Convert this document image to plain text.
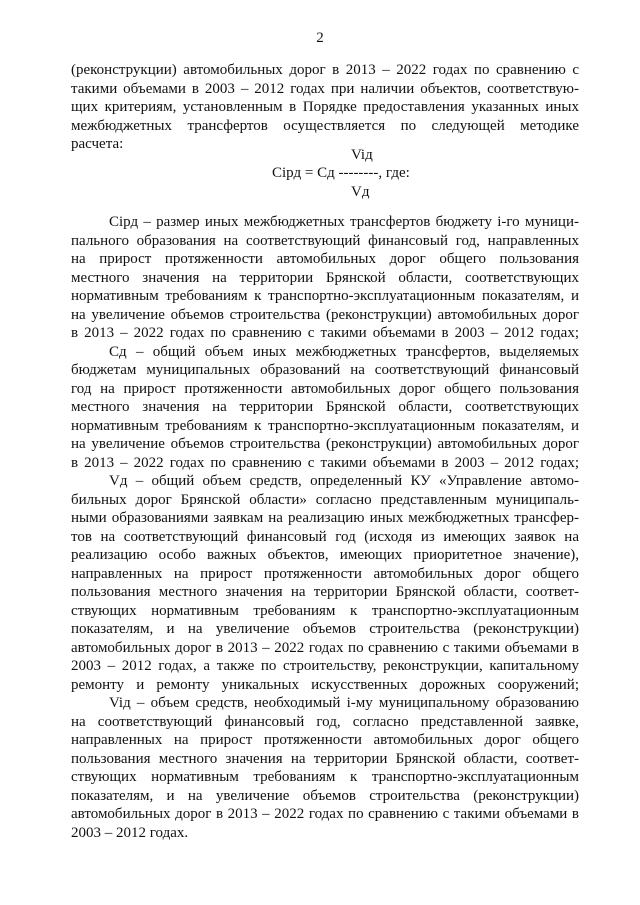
2
(реконструкции) автомобильных дорог в 2013 – 2022 годах по сравнению с
такими объемами в 2003 – 2012 годах при наличии объектов, соответствую-
щих критериям, установленным в Порядке предоставления указанных иных
межбюджетных трансфертов осуществляется по следующей методике
расчета:
Viд
Ciрд = Сд --------, где:
Vд
Ciрд – размер иных межбюджетных трансфертов бюджету i-го муници-
пального образования на соответствующий финансовый год, направленных
на прирост протяженности автомобильных дорог общего пользования
местного значения на территории Брянской области, соответствующих
нормативным требованиям к транспортно-эксплуатационным показателям, и
на увеличение объемов строительства (реконструкции) автомобильных дорог
в 2013 – 2022 годах по сравнению с такими объемами в 2003 – 2012 годах;
Сд – общий объем иных межбюджетных трансфертов, выделяемых
бюджетам муниципальных образований на соответствующий финансовый
год на прирост протяженности автомобильных дорог общего пользования
местного значения на территории Брянской области, соответствующих
нормативным требованиям к транспортно-эксплуатационным показателям, и
на увеличение объемов строительства (реконструкции) автомобильных дорог
в 2013 – 2022 годах по сравнению с такими объемами в 2003 – 2012 годах;
Vд – общий объем средств, определенный КУ «Управление автомо-
бильных дорог Брянской области» согласно представленным муниципаль-
ными образованиями заявкам на реализацию иных межбюджетных трансфер-
тов на соответствующий финансовый год (исходя из имеющих заявок на
реализацию особо важных объектов, имеющих приоритетное значение),
направленных на прирост протяженности автомобильных дорог общего
пользования местного значения на территории Брянской области, соответ-
ствующих нормативным требованиям к транспортно-эксплуатационным
показателям, и на увеличение объемов строительства (реконструкции)
автомобильных дорог в 2013 – 2022 годах по сравнению с такими объемами в
2003 – 2012 годах, а также по строительству, реконструкции, капитальному
ремонту и ремонту уникальных искусственных дорожных сооружений;
Viд – объем средств, необходимый i-му муниципальному образованию
на соответствующий финансовый год, согласно представленной заявке,
направленных на прирост протяженности автомобильных дорог общего
пользования местного значения на территории Брянской области, соответ-
ствующих нормативным требованиям к транспортно-эксплуатационным
показателям, и на увеличение объемов строительства (реконструкции)
автомобильных дорог в 2013 – 2022 годах по сравнению с такими объемами в
2003 – 2012 годах.
